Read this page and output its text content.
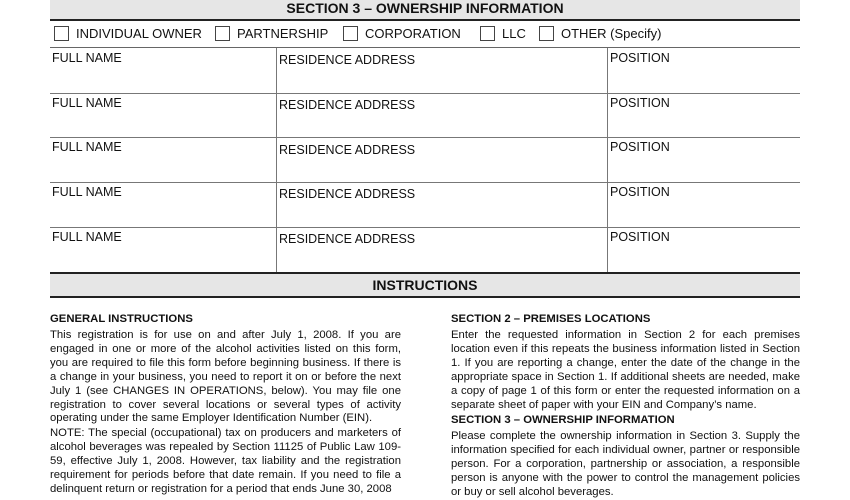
SECTION 3 – OWNERSHIP INFORMATION
INDIVIDUAL OWNER	PARTNERSHIP	CORPORATION	LLC	OTHER (Specify)
FULL NAME	RESIDENCE ADDRESS	POSITION
FULL NAME	RESIDENCE ADDRESS	POSITION
FULL NAME	RESIDENCE ADDRESS	POSITION
FULL NAME	RESIDENCE ADDRESS	POSITION
FULL NAME	RESIDENCE ADDRESS	POSITION
INSTRUCTIONS
GENERAL INSTRUCTIONS
This registration is for use on and after July 1, 2008. If you are engaged in one or more of the alcohol activities listed on this form, you are required to file this form before beginning business. If there is a change in your business, you need to report it on or before the next July 1 (see CHANGES IN OPERATIONS, below). You may file one registration to cover several locations or several types of activity operating under the same Employer Identification Number (EIN).
NOTE: The special (occupational) tax on producers and marketers of alcohol beverages was repealed by Section 11125 of Public Law 109-59, effective July 1, 2008. However, tax liability and the registration requirement for periods before that date remain. If you need to file a delinquent return or registration for a period that ends June 30, 2008
SECTION 2 – PREMISES LOCATIONS
Enter the requested information in Section 2 for each premises location even if this repeats the business information listed in Section 1. If you are reporting a change, enter the date of the change in the appropriate space in Section 1. If additional sheets are needed, make a copy of page 1 of this form or enter the requested information on a separate sheet of paper with your EIN and Company’s name.
SECTION 3 – OWNERSHIP INFORMATION
Please complete the ownership information in Section 3. Supply the information specified for each individual owner, partner or responsible person. For a corporation, partnership or association, a responsible person is anyone with the power to control the management policies or buy or sell alcohol beverages.
